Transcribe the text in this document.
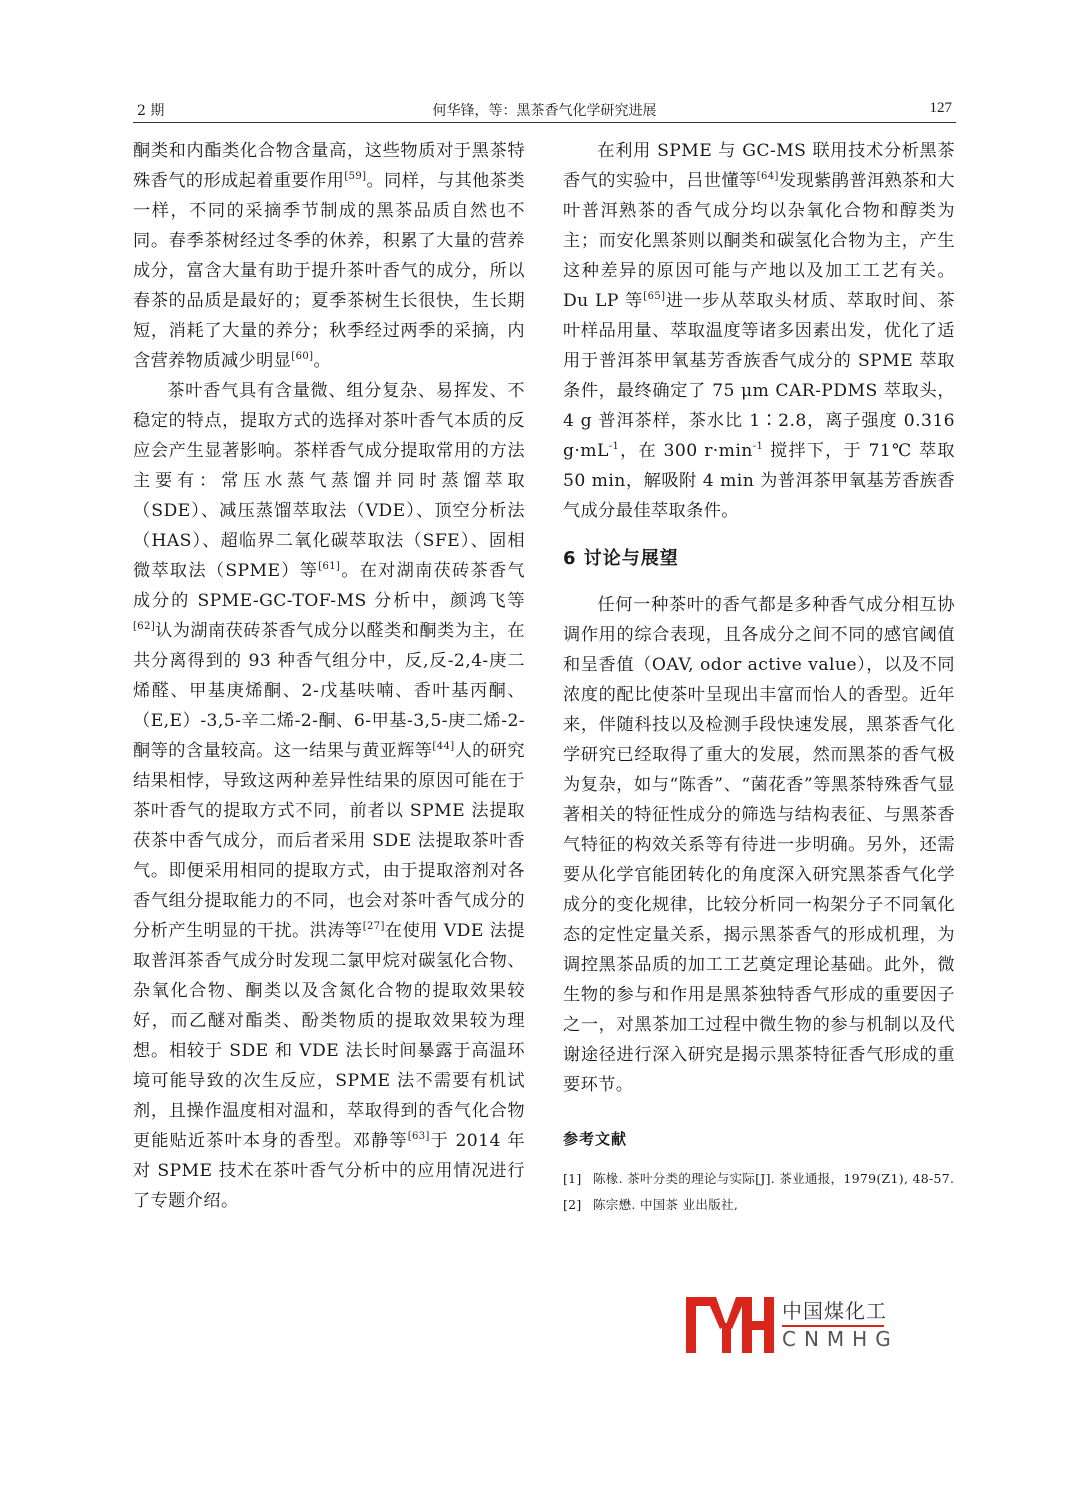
2 期	何华锋，等：黑茶香气化学研究进展	127

酮类和内酯类化合物含量高，这些物质对于黑茶特殊香气的形成起着重要作用[59]。同样，与其他茶类一样，不同的采摘季节制成的黑茶品质自然也不同。春季茶树经过冬季的休养，积累了大量的营养成分，富含大量有助于提升茶叶香气的成分，所以春茶的品质是最好的；夏季茶树生长很快，生长期短，消耗了大量的养分；秋季经过两季的采摘，内含营养物质减少明显[60]。

茶叶香气具有含量微、组分复杂、易挥发、不稳定的特点，提取方式的选择对茶叶香气本质的反应会产生显著影响。茶样香气成分提取常用的方法主要有：常压水蒸气蒸馏并同时蒸馏萃取（SDE）、减压蒸馏萃取法（VDE）、顶空分析法（HAS）、超临界二氧化碳萃取法（SFE）、固相微萃取法（SPME）等[61]。在对湖南茯砖茶香气成分的 SPME-GC-TOF-MS 分析中，颜鸿飞等[62]认为湖南茯砖茶香气成分以醛类和酮类为主，在共分离得到的 93 种香气组分中，反,反-2,4-庚二烯醛、甲基庚烯酮、2-戊基呋喃、香叶基丙酮、（E,E）-3,5-辛二烯-2-酮、6-甲基-3,5-庚二烯-2-酮等的含量较高。这一结果与黄亚辉等[44]人的研究结果相悖，导致这两种差异性结果的原因可能在于茶叶香气的提取方式不同，前者以 SPME 法提取茯茶中香气成分，而后者采用 SDE 法提取茶叶香气。即便采用相同的提取方式，由于提取溶剂对各香气组分提取能力的不同，也会对茶叶香气成分的分析产生明显的干扰。洪涛等[27]在使用 VDE 法提取普洱茶香气成分时发现二氯甲烷对碳氢化合物、杂氧化合物、酮类以及含氮化合物的提取效果较好，而乙醚对酯类、酚类物质的提取效果较为理想。相较于 SDE 和 VDE 法长时间暴露于高温环境可能导致的次生反应，SPME 法不需要有机试剂，且操作温度相对温和，萃取得到的香气化合物更能贴近茶叶本身的香型。邓静等[63]于 2014 年对 SPME 技术在茶叶香气分析中的应用情况进行了专题介绍。

在利用 SPME 与 GC-MS 联用技术分析黑茶香气的实验中，吕世懂等[64]发现紫鹃普洱熟茶和大叶普洱熟茶的香气成分均以杂氧化合物和醇类为主；而安化黑茶则以酮类和碳氢化合物为主，产生这种差异的原因可能与产地以及加工工艺有关。Du LP 等[65]进一步从萃取头材质、萃取时间、茶叶样品用量、萃取温度等诸多因素出发，优化了适用于普洱茶甲氧基芳香族香气成分的 SPME 萃取条件，最终确定了 75 μm CAR-PDMS 萃取头，4 g 普洱茶样，茶水比 1∶2.8，离子强度 0.316 $g\cdot mL^{-1}$，在 300 $r\cdot\min^{-1}$ 搅拌下，于 71℃ 萃取 50 min，解吸附 4 min 为普洱茶甲氧基芳香族香气成分最佳萃取条件。

6 讨论与展望

任何一种茶叶的香气都是多种香气成分相互协调作用的综合表现，且各成分之间不同的感官阈值和呈香值（OAV, odor active value），以及不同浓度的配比使茶叶呈现出丰富而怡人的香型。近年来，伴随科技以及检测手段快速发展，黑茶香气化学研究已经取得了重大的发展，然而黑茶的香气极为复杂，如与“陈香”、“菌花香”等黑茶特殊香气显著相关的特征性成分的筛选与结构表征、与黑茶香气特征的构效关系等有待进一步明确。另外，还需要从化学官能团转化的角度深入研究黑茶香气化学成分的变化规律，比较分析同一构架分子不同氧化态的定性定量关系，揭示黑茶香气的形成机理，为调控黑茶品质的加工工艺奠定理论基础。此外，微生物的参与和作用是黑茶独特香气形成的重要因子之一，对黑茶加工过程中微生物的参与机制以及代谢途径进行深入研究是揭示黑茶特征香气形成的重要环节。

参考文献

[1] 陈椽. 茶叶分类的理论与实际[J]. 茶业通报，1979(Z1), 48-57.
[2] 陈宗懋. 中国茶 业出版社,
中国煤化工
CNMHG
